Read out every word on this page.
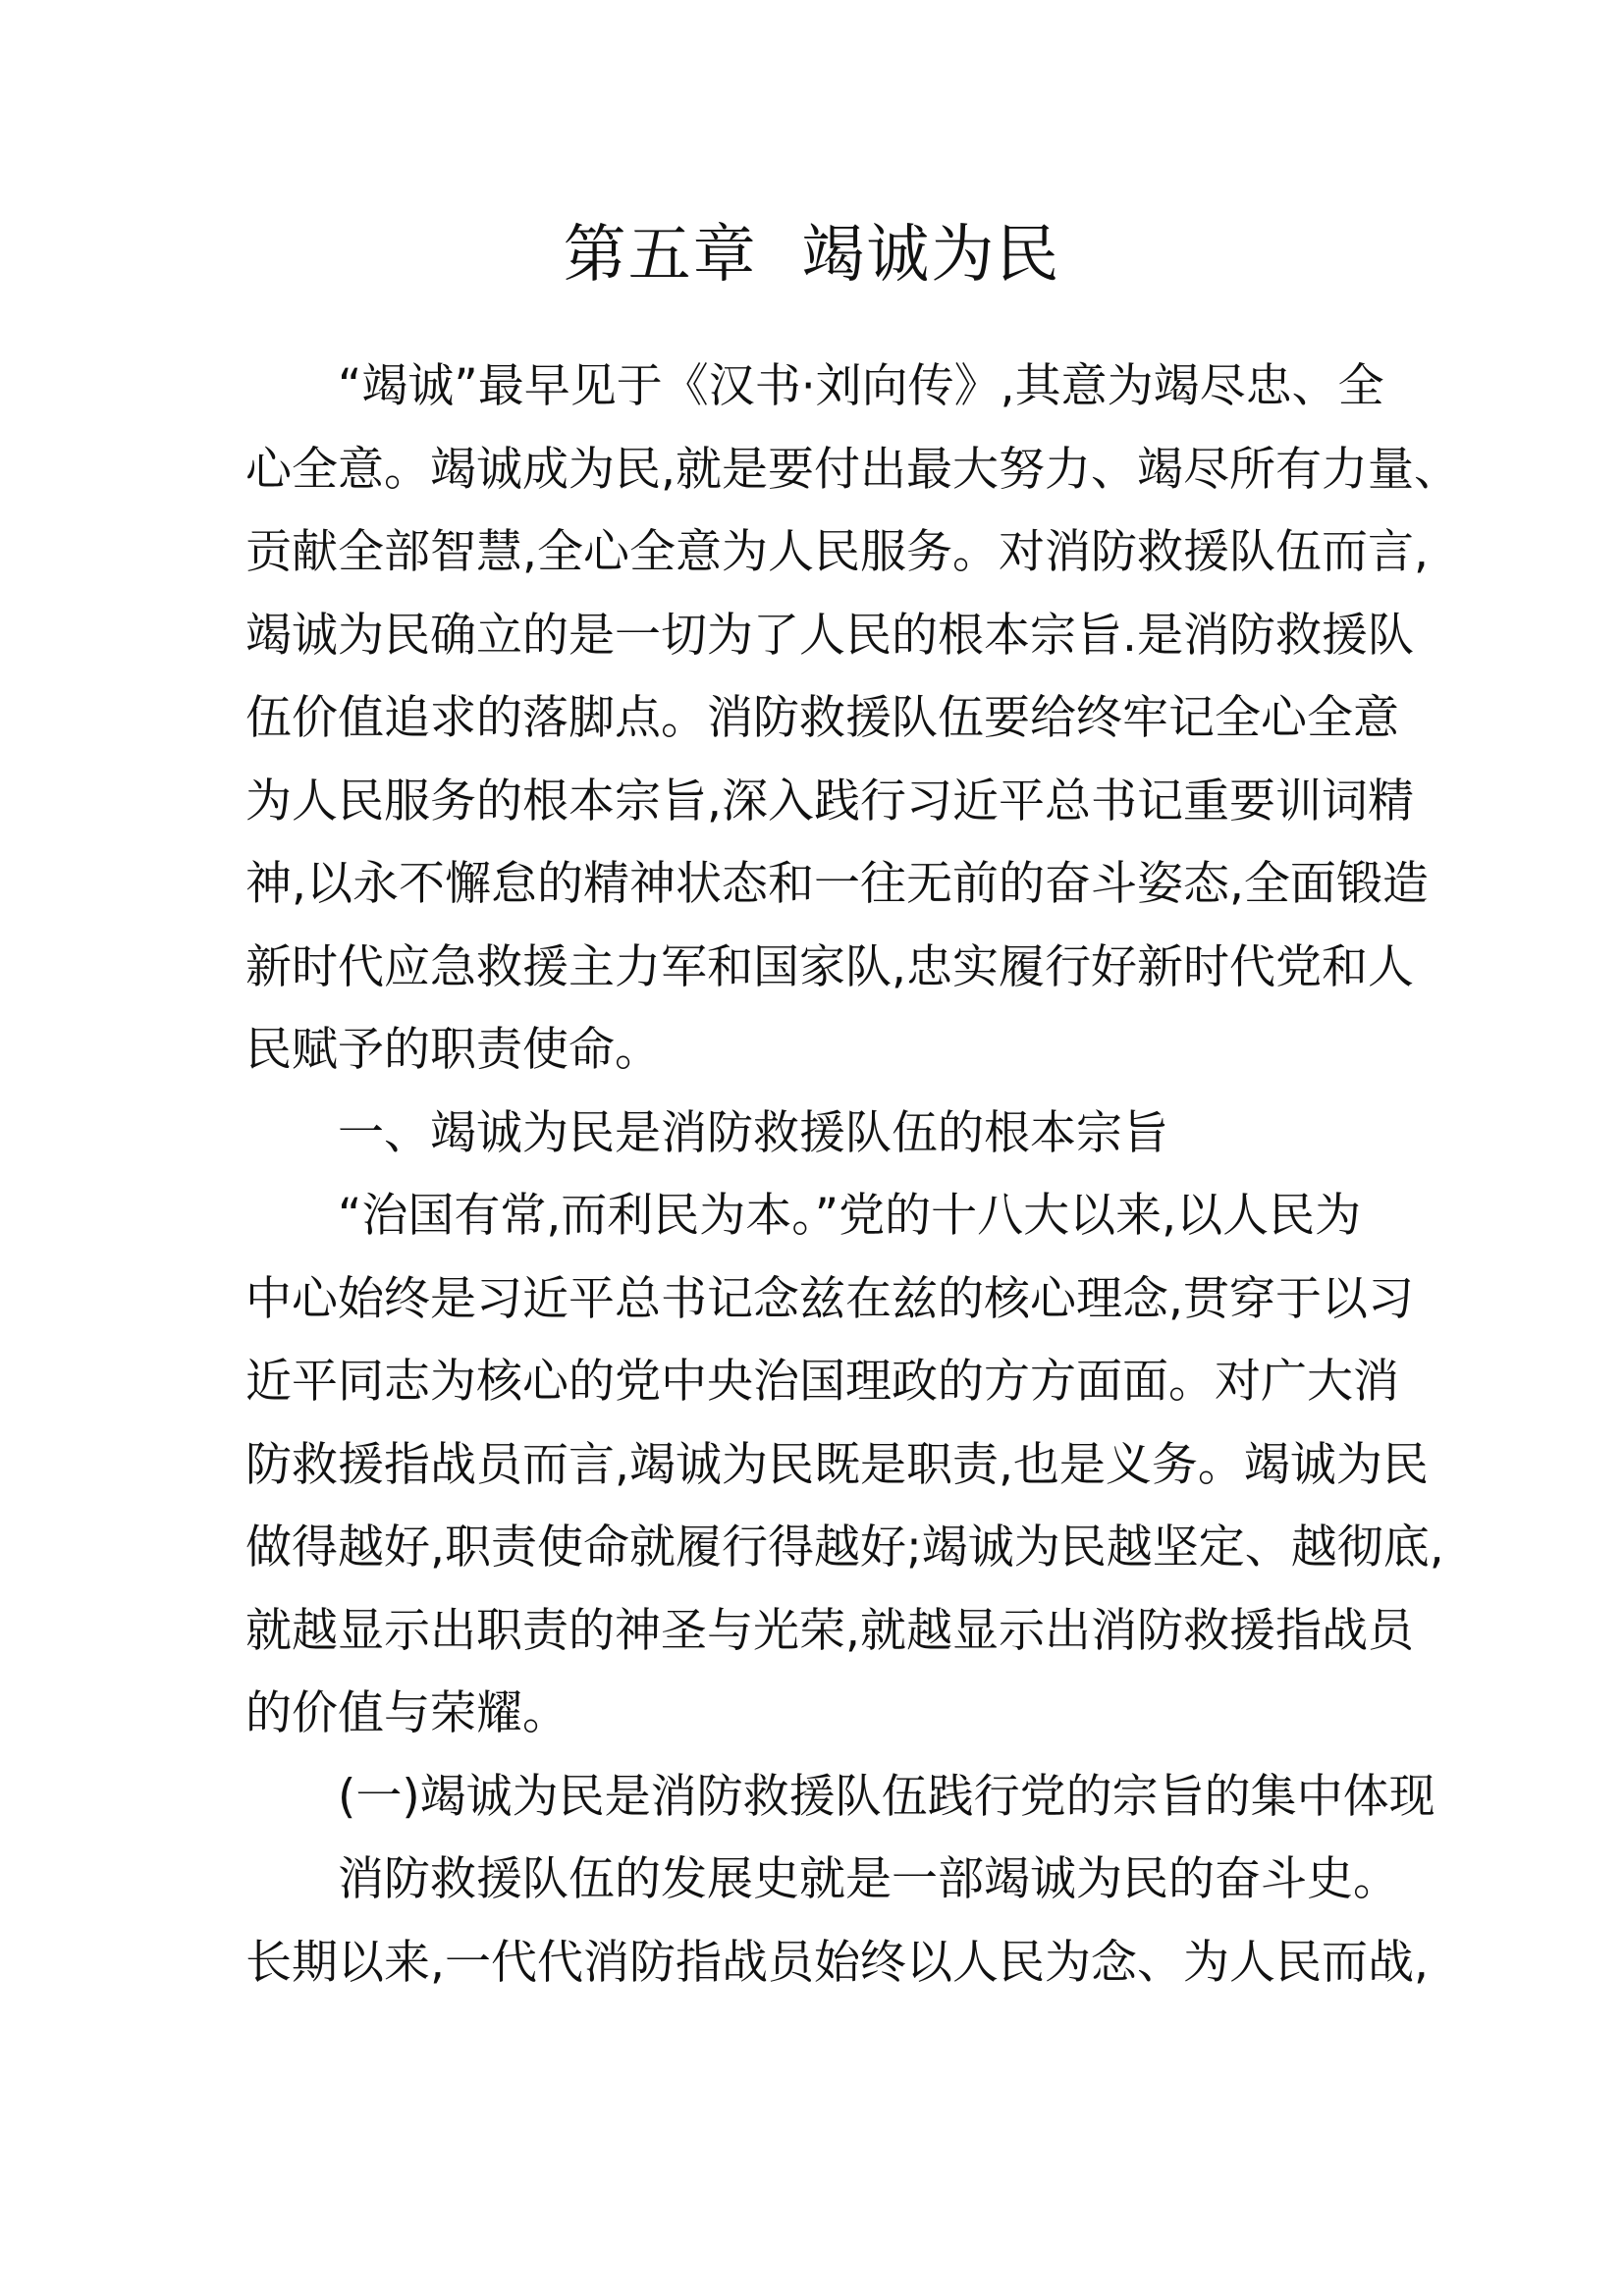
第五章  竭诚为民
“竭诚”最早见于《汉书·刘向传》,其意为竭尽忠、全
心全意。竭诚成为民,就是要付出最大努力、竭尽所有力量、
贡献全部智慧,全心全意为人民服务。对消防救援队伍而言,
竭诚为民确立的是一切为了人民的根本宗旨.是消防救援队
伍价值追求的落脚点。消防救援队伍要给终牢记全心全意
为人民服务的根本宗旨,深入践行习近平总书记重要训词精
神,以永不懈怠的精神状态和一往无前的奋斗姿态,全面锻造
新时代应急救援主力军和国家队,忠实履行好新时代党和人
民赋予的职责使命。
一、竭诚为民是消防救援队伍的根本宗旨
“治国有常,而利民为本。”党的十八大以来,以人民为
中心始终是习近平总书记念兹在兹的核心理念,贯穿于以习
近平同志为核心的党中央治国理政的方方面面。对广大消
防救援指战员而言,竭诚为民既是职责,也是义务。竭诚为民
做得越好,职责使命就履行得越好;竭诚为民越坚定、越彻底,
就越显示出职责的神圣与光荣,就越显示出消防救援指战员
的价值与荣耀。
(一)竭诚为民是消防救援队伍践行党的宗旨的集中体现
消防救援队伍的发展史就是一部竭诚为民的奋斗史。
长期以来,一代代消防指战员始终以人民为念、为人民而战,
